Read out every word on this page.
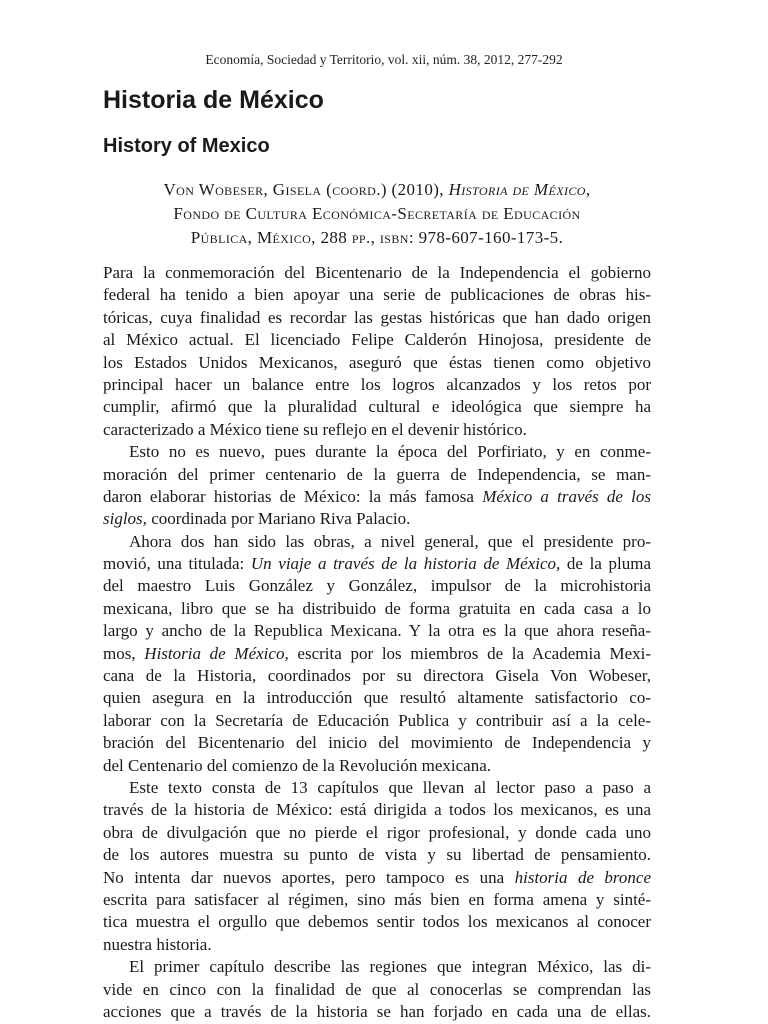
Economía, Sociedad y Territorio, vol. xii, núm. 38, 2012, 277-292
Historia de México
History of Mexico
Von Wobeser, Gisela (coord.) (2010), Historia de México,
Fondo de Cultura Económica-Secretaría de Educación
Pública, México, 288 pp., isbn: 978-607-160-173-5.
Para la conmemoración del Bicentenario de la Independencia el gobierno
federal ha tenido a bien apoyar una serie de publicaciones de obras his-
tóricas, cuya finalidad es recordar las gestas históricas que han dado origen
al México actual. El licenciado Felipe Calderón Hinojosa, presidente de
los Estados Unidos Mexicanos, aseguró que éstas tienen como objetivo
principal hacer un balance entre los logros alcanzados y los retos por
cumplir, afirmó que la pluralidad cultural e ideológica que siempre ha
caracterizado a México tiene su reflejo en el devenir histórico.
Esto no es nuevo, pues durante la época del Porfiriato, y en conme-
moración del primer centenario de la guerra de Independencia, se man-
daron elaborar historias de México: la más famosa México a través de los
siglos, coordinada por Mariano Riva Palacio.
Ahora dos han sido las obras, a nivel general, que el presidente pro-
movió, una titulada: Un viaje a través de la historia de México, de la pluma
del maestro Luis González y González, impulsor de la microhistoria
mexicana, libro que se ha distribuido de forma gratuita en cada casa a lo
largo y ancho de la Republica Mexicana. Y la otra es la que ahora reseña-
mos, Historia de México, escrita por los miembros de la Academia Mexi-
cana de la Historia, coordinados por su directora Gisela Von Wobeser,
quien asegura en la introducción que resultó altamente satisfactorio co-
laborar con la Secretaría de Educación Publica y contribuir así a la cele-
bración del Bicentenario del inicio del movimiento de Independencia y
del Centenario del comienzo de la Revolución mexicana.
Este texto consta de 13 capítulos que llevan al lector paso a paso a
través de la historia de México: está dirigida a todos los mexicanos, es una
obra de divulgación que no pierde el rigor profesional, y donde cada uno
de los autores muestra su punto de vista y su libertad de pensamiento.
No intenta dar nuevos aportes, pero tampoco es una historia de bronce
escrita para satisfacer al régimen, sino más bien en forma amena y sinté-
tica muestra el orgullo que debemos sentir todos los mexicanos al conocer
nuestra historia.
El primer capítulo describe las regiones que integran México, las di-
vide en cinco con la finalidad de que al conocerlas se comprendan las
acciones que a través de la historia se han forjado en cada una de ellas.
